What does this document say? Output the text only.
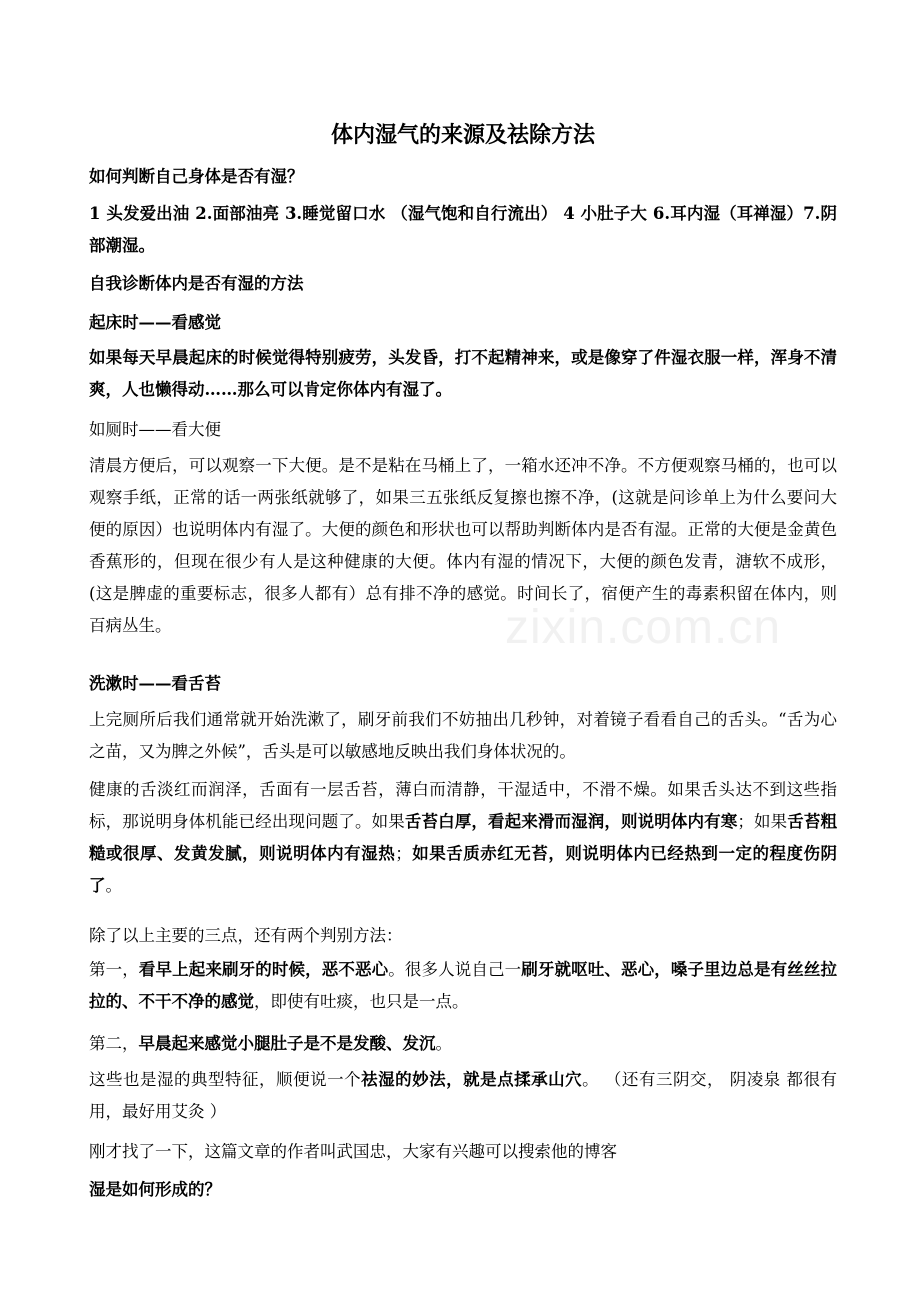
体内湿气的来源及祛除方法
如何判断自己身体是否有湿？
1 头发爱出油 2.面部油亮 3.睡觉留口水 （湿气饱和自行流出） 4 小肚子大 6.耳内湿（耳禅湿）7.阴部潮湿。
自我诊断体内是否有湿的方法
起床时——看感觉
如果每天早晨起床的时候觉得特别疲劳，头发昏，打不起精神来，或是像穿了件湿衣服一样，浑身不清爽，人也懒得动……那么可以肯定你体内有湿了。
如厕时——看大便
清晨方便后，可以观察一下大便。是不是粘在马桶上了，一箱水还冲不净。不方便观察马桶的，也可以观察手纸，正常的话一两张纸就够了，如果三五张纸反复擦也擦不净，(这就是问诊单上为什么要问大便的原因）也说明体内有湿了。大便的颜色和形状也可以帮助判断体内是否有湿。正常的大便是金黄色香蕉形的，但现在很少有人是这种健康的大便。体内有湿的情况下，大便的颜色发青，溏软不成形，(这是脾虚的重要标志，很多人都有）总有排不净的感觉。时间长了，宿便产生的毒素积留在体内，则百病丛生。
洗漱时——看舌苔
上完厕所后我们通常就开始洗漱了，刷牙前我们不妨抽出几秒钟，对着镜子看看自己的舌头。“舌为心之苗，又为脾之外候”，舌头是可以敏感地反映出我们身体状况的。
健康的舌淡红而润泽，舌面有一层舌苔，薄白而清静，干湿适中，不滑不燥。如果舌头达不到这些指标，那说明身体机能已经出现问题了。如果舌苔白厚，看起来滑而湿润，则说明体内有寒；如果舌苔粗糙或很厚、发黄发腻，则说明体内有湿热；如果舌质赤红无苔，则说明体内已经热到一定的程度伤阴了。
除了以上主要的三点，还有两个判别方法：
第一，看早上起来刷牙的时候，恶不恶心。很多人说自己一刷牙就呕吐、恶心，嗓子里边总是有丝丝拉拉的、不干不净的感觉，即使有吐痰，也只是一点。
第二，早晨起来感觉小腿肚子是不是发酸、发沉。
这些也是湿的典型特征，顺便说一个祛湿的妙法，就是点揉承山穴。 （还有三阴交， 阴凌泉 都很有用，最好用艾灸 ）
刚才找了一下，这篇文章的作者叫武国忠，大家有兴趣可以搜索他的博客
湿是如何形成的？
zixin.com.cn
